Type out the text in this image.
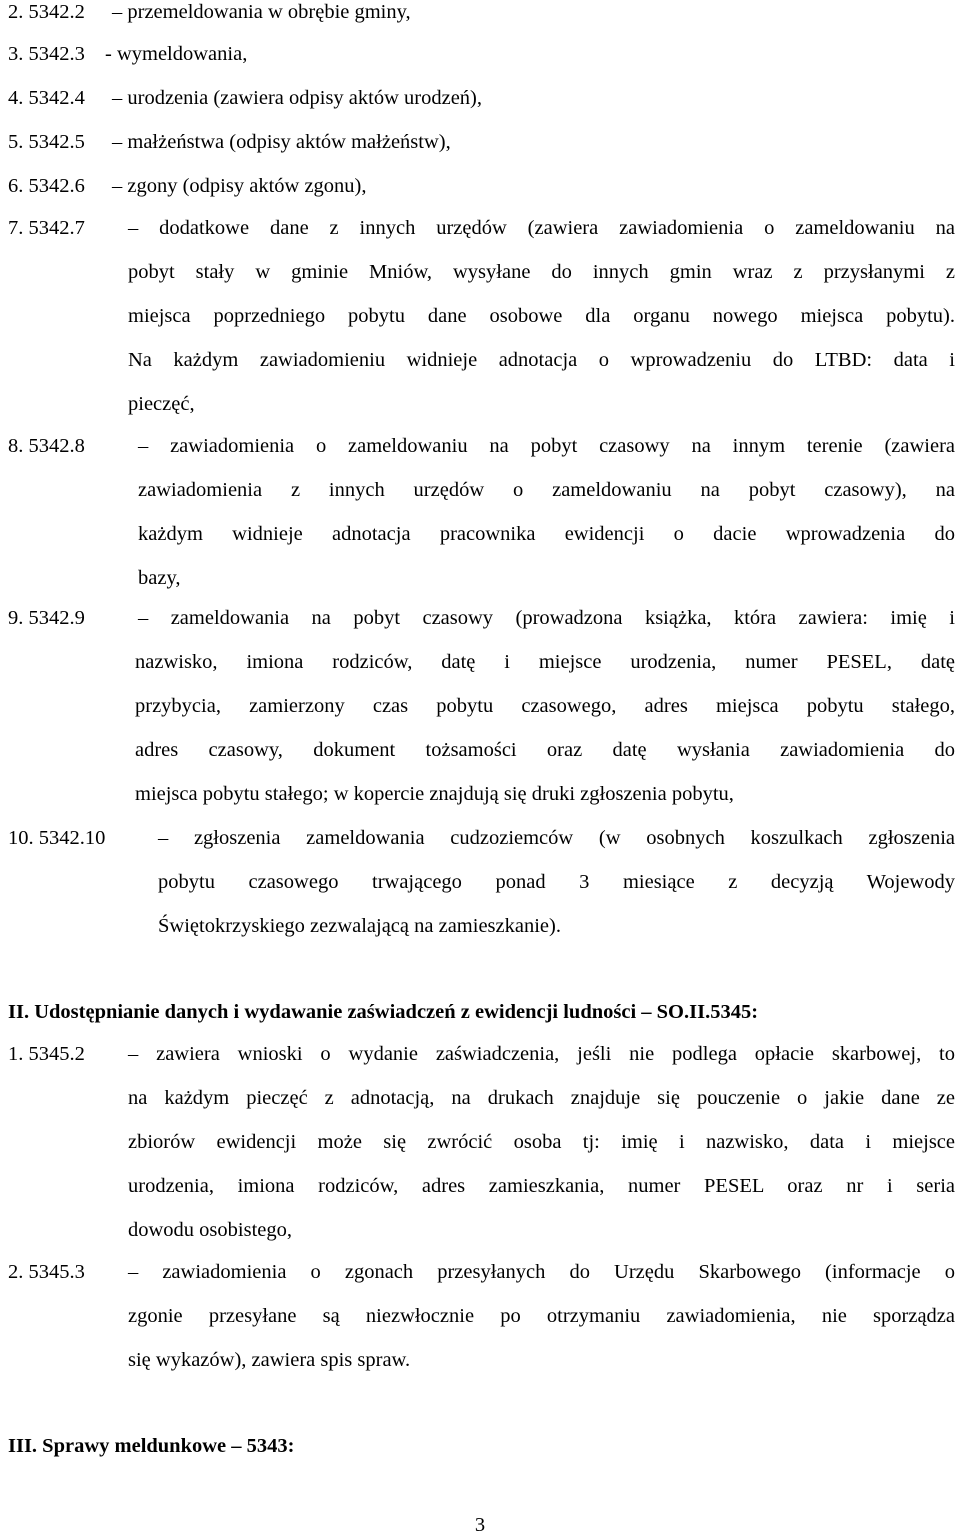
– przemeldowania w obrębie gminy,
2. 5342.2
- wymeldowania,
3. 5342.3
– urodzenia (zawiera odpisy aktów urodzeń),
4. 5342.4
– małżeństwa (odpisy aktów małżeństw),
5. 5342.5
– zgony (odpisy aktów zgonu),
6. 5342.6
– dodatkowe dane z innych urzędów (zawiera zawiadomienia o zameldowaniu na
7. 5342.7
pobyt stały w gminie Mniów, wysyłane do innych gmin wraz z przysłanymi z
miejsca poprzedniego pobytu dane osobowe dla organu nowego miejsca pobytu).
Na każdym zawiadomieniu widnieje adnotacja o wprowadzeniu do LTBD: data i
pieczęć,
– zawiadomienia o zameldowaniu na pobyt czasowy na innym terenie (zawiera
8. 5342.8
zawiadomienia z innych urzędów o zameldowaniu na pobyt czasowy), na
każdym widnieje adnotacja pracownika ewidencji o dacie wprowadzenia do
bazy,
– zameldowania na pobyt czasowy (prowadzona książka, która zawiera: imię i
9. 5342.9
nazwisko, imiona rodziców, datę i miejsce urodzenia, numer PESEL, datę
przybycia, zamierzony czas pobytu czasowego, adres miejsca pobytu stałego,
adres czasowy, dokument tożsamości oraz datę wysłania zawiadomienia do
miejsca pobytu stałego; w kopercie znajdują się druki zgłoszenia pobytu,
– zgłoszenia zameldowania cudzoziemców (w osobnych koszulkach zgłoszenia
10. 5342.10
pobytu czasowego trwającego ponad 3 miesiące z decyzją Wojewody
Świętokrzyskiego zezwalającą na zamieszkanie).
– zawiera wnioski o wydanie zaświadczenia, jeśli nie podlega opłacie skarbowej, to
1. 5345.2
na każdym pieczęć z adnotacją, na drukach znajduje się pouczenie o jakie dane ze
zbiorów ewidencji może się zwrócić osoba tj: imię i nazwisko, data i miejsce
urodzenia, imiona rodziców, adres zamieszkania, numer PESEL oraz nr i seria
dowodu osobistego,
– zawiadomienia o zgonach przesyłanych do Urzędu Skarbowego (informacje o
2. 5345.3
zgonie przesyłane są niezwłocznie po otrzymaniu zawiadomienia, nie sporządza
się wykazów), zawiera spis spraw.
II. Udostępnianie danych i wydawanie zaświadczeń z ewidencji ludności – SO.II.5345:
III. Sprawy meldunkowe – 5343:
3
